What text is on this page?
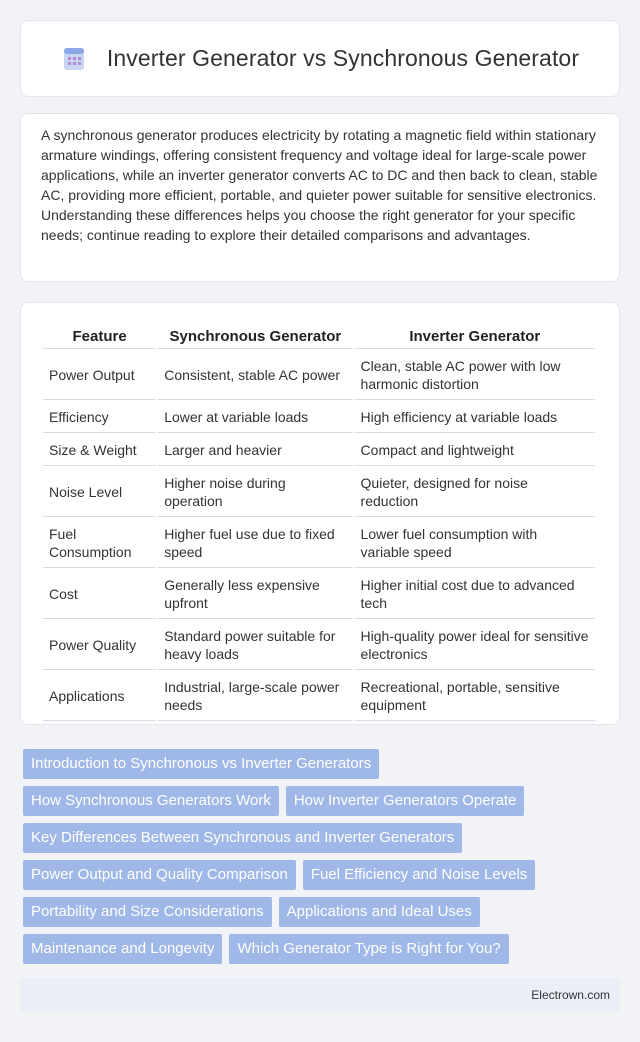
Inverter Generator vs Synchronous Generator

A synchronous generator produces electricity by rotating a magnetic field within stationary armature windings, offering consistent frequency and voltage ideal for large-scale power applications, while an inverter generator converts AC to DC and then back to clean, stable AC, providing more efficient, portable, and quieter power suitable for sensitive electronics. Understanding these differences helps you choose the right generator for your specific needs; continue reading to explore their detailed comparisons and advantages.

Feature	Synchronous Generator	Inverter Generator
Power Output	Consistent, stable AC power	Clean, stable AC power with low harmonic distortion
Efficiency	Lower at variable loads	High efficiency at variable loads
Size & Weight	Larger and heavier	Compact and lightweight
Noise Level	Higher noise during operation	Quieter, designed for noise reduction
Fuel Consumption	Higher fuel use due to fixed speed	Lower fuel consumption with variable speed
Cost	Generally less expensive upfront	Higher initial cost due to advanced tech
Power Quality	Standard power suitable for heavy loads	High-quality power ideal for sensitive electronics
Applications	Industrial, large-scale power needs	Recreational, portable, sensitive equipment
Introduction to Synchronous vs Inverter Generators
How Synchronous Generators Work	How Inverter Generators Operate
Key Differences Between Synchronous and Inverter Generators
Power Output and Quality Comparison	Fuel Efficiency and Noise Levels
Portability and Size Considerations	Applications and Ideal Uses
Maintenance and Longevity	Which Generator Type is Right for You?
Electrown.com
